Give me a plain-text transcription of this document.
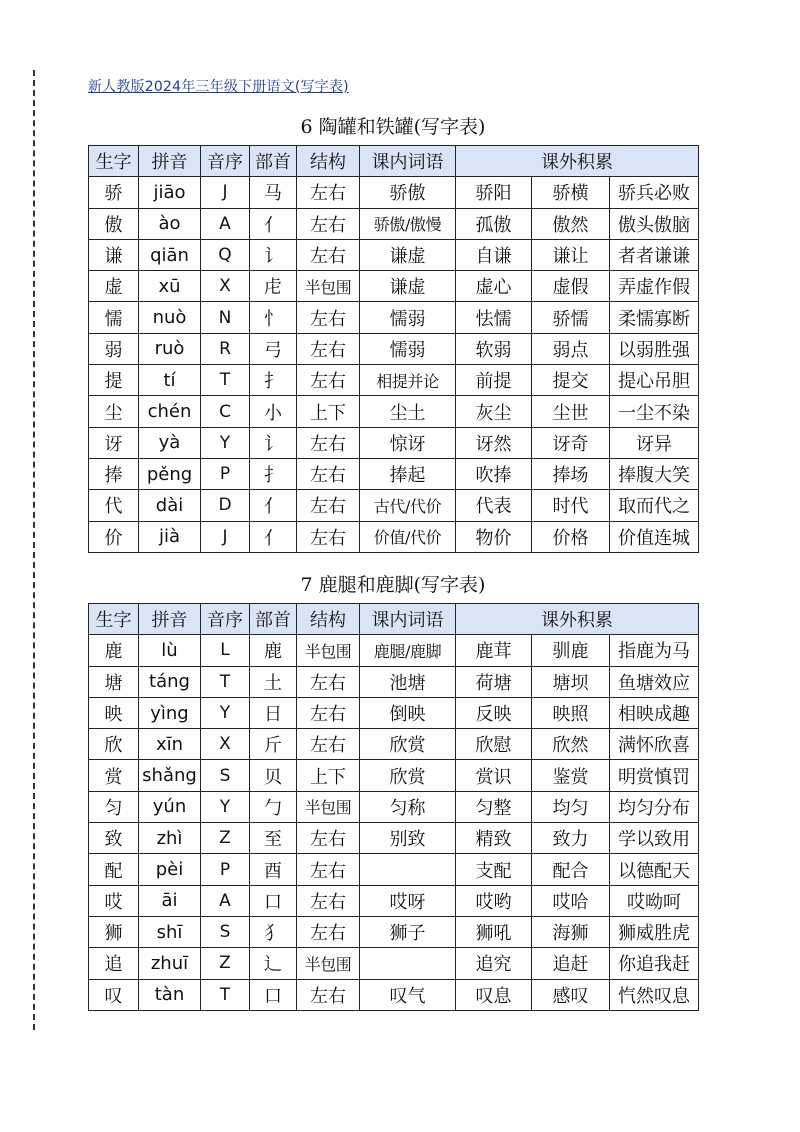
新人教版2024年三年级下册语文(写字表)
6 陶罐和铁罐(写字表)
生字	拼音	音序	部首	结构	课内词语	课外积累		
骄	jiāo	J	马	左右	骄傲	骄阳	骄横	骄兵必败
傲	ào	A	亻	左右	骄傲/傲慢	孤傲	傲然	傲头傲脑
谦	qiān	Q	讠	左右	谦虚	自谦	谦让	者者谦谦
虚	xū	X	虍	半包围	谦虚	虚心	虚假	弄虚作假
懦	nuò	N	忄	左右	懦弱	怯懦	骄懦	柔懦寡断
弱	ruò	R	弓	左右	懦弱	软弱	弱点	以弱胜强
提	tí	T	扌	左右	相提并论	前提	提交	提心吊胆
尘	chén	C	小	上下	尘土	灰尘	尘世	一尘不染
讶	yà	Y	讠	左右	惊讶	讶然	讶奇	讶异
捧	pěng	P	扌	左右	捧起	吹捧	捧场	捧腹大笑
代	dài	D	亻	左右	古代/代价	代表	时代	取而代之
价	jià	J	亻	左右	价值/代价	物价	价格	价值连城
7 鹿腿和鹿脚(写字表)
生字	拼音	音序	部首	结构	课内词语	课外积累		
鹿	lù	L	鹿	半包围	鹿腿/鹿脚	鹿茸	驯鹿	指鹿为马
塘	táng	T	土	左右	池塘	荷塘	塘坝	鱼塘效应
映	yìng	Y	日	左右	倒映	反映	映照	相映成趣
欣	xīn	X	斤	左右	欣赏	欣慰	欣然	满怀欣喜
赏	shǎng	S	贝	上下	欣赏	赏识	鉴赏	明赏慎罚
匀	yún	Y	勹	半包围	匀称	匀整	均匀	均匀分布
致	zhì	Z	至	左右	别致	精致	致力	学以致用
配	pèi	P	酉	左右		支配	配合	以德配天
哎	āi	A	口	左右	哎呀	哎哟	哎哈	哎呦呵
狮	shī	S	犭	左右	狮子	狮吼	海狮	狮威胜虎
追	zhuī	Z	辶	半包围		追究	追赶	你追我赶
叹	tàn	T	口	左右	叹气	叹息	感叹	忾然叹息
